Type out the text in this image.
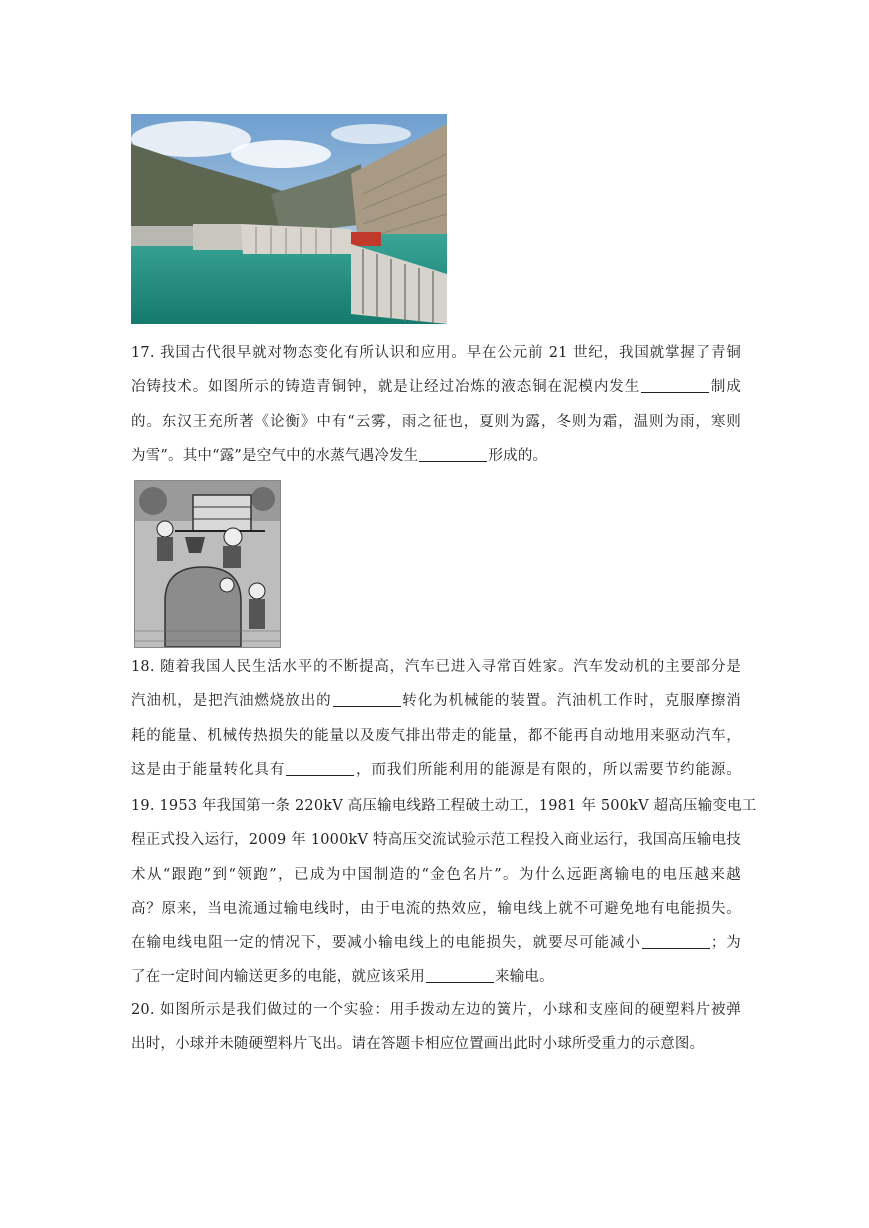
17. 我国古代很早就对物态变化有所认识和应用。早在公元前 21 世纪，我国就掌握了青铜
冶铸技术。如图所示的铸造青铜钟，就是让经过冶炼的液态铜在泥模内发生	制成
的。东汉王充所著《论衡》中有“云雾，雨之征也，夏则为露，冬则为霜，温则为雨，寒则
为雪”。其中“露”是空气中的水蒸气遇冷发生	形成的。
18. 随着我国人民生活水平的不断提高，汽车已进入寻常百姓家。汽车发动机的主要部分是
汽油机，是把汽油燃烧放出的	转化为机械能的装置。汽油机工作时，克服摩擦消
耗的能量、机械传热损失的能量以及废气排出带走的能量，都不能再自动地用来驱动汽车，
这是由于能量转化具有	，而我们所能利用的能源是有限的，所以需要节约能源。
19. 1953 年我国第一条 220kV 高压输电线路工程破土动工，1981 年 500kV 超高压输变电工
程正式投入运行，2009 年 1000kV 特高压交流试验示范工程投入商业运行，我国高压输电技
术从“跟跑”到“领跑”，已成为中国制造的“金色名片”。为什么远距离输电的电压越来越
高？原来，当电流通过输电线时，由于电流的热效应，输电线上就不可避免地有电能损失。
在输电线电阻一定的情况下，要减小输电线上的电能损失，就要尽可能减小	；为
了在一定时间内输送更多的电能，就应该采用	来输电。
20. 如图所示是我们做过的一个实验：用手拨动左边的簧片，小球和支座间的硬塑料片被弹
出时，小球并未随硬塑料片飞出。请在答题卡相应位置画出此时小球所受重力的示意图。
